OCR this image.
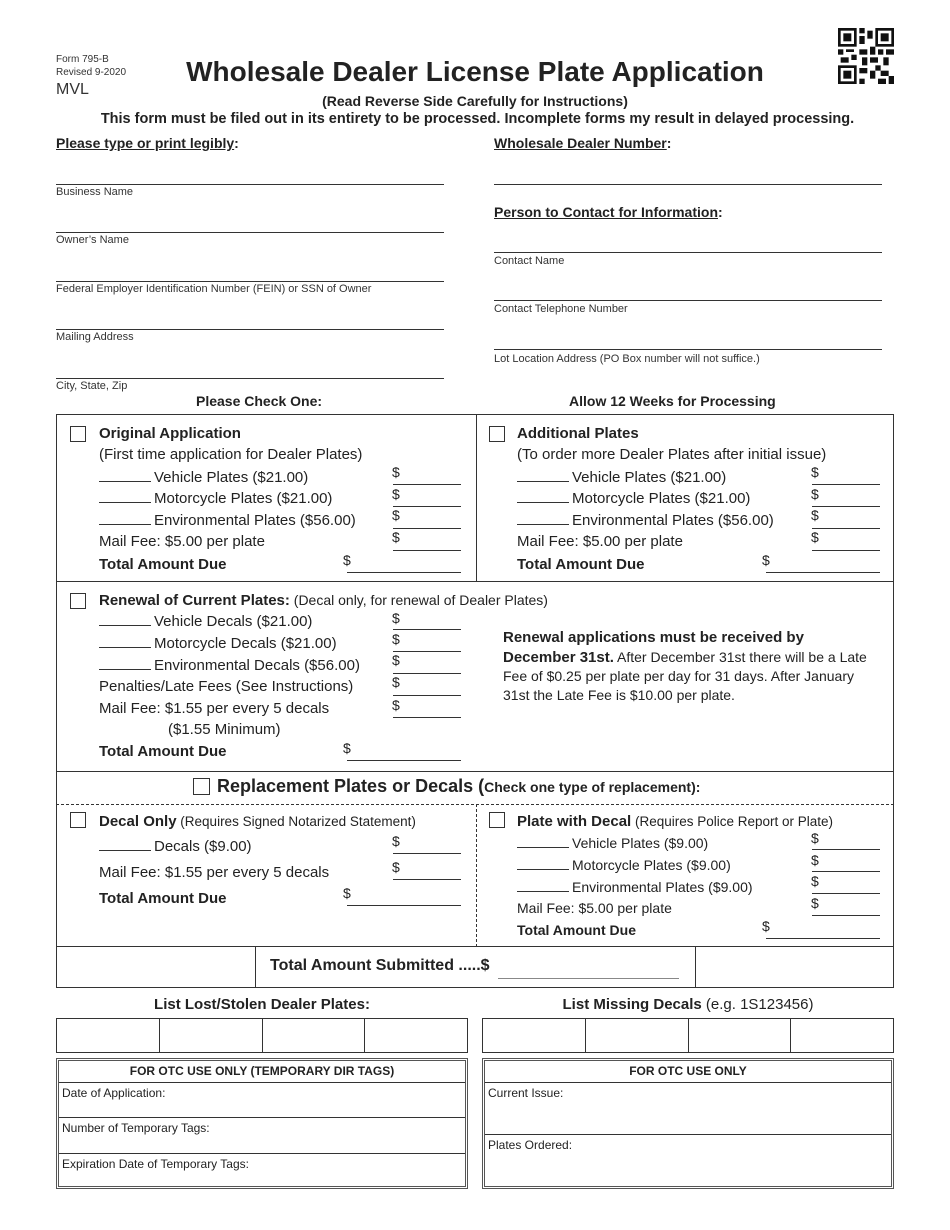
Form 795-B
Revised 9-2020
MVL
Wholesale Dealer License Plate Application
(Read Reverse Side Carefully for Instructions)
This form must be filed out in its entirety to be processed. Incomplete forms my result in delayed processing.
Please type or print legibly:
Business Name
Owner’s Name
Federal Employer Identification Number (FEIN) or SSN of Owner
Mailing Address
City, State, Zip
Wholesale Dealer Number:
Person to Contact for Information:
Contact Name
Contact Telephone Number
Lot Location Address (PO Box number will not suffice.)
Please Check One:	Allow 12 Weeks for Processing
Original Application
(First time application for Dealer Plates)
Vehicle Plates ($21.00)
Motorcycle Plates ($21.00)
Environmental Plates ($56.00)
Mail Fee: $5.00 per plate
Total Amount Due
$
$
$
$
$
Additional Plates
(To order more Dealer Plates after initial issue)
Vehicle Plates ($21.00)
Motorcycle Plates ($21.00)
Environmental Plates ($56.00)
Mail Fee: $5.00 per plate
Total Amount Due
$
$
$
$
$
Renewal of Current Plates: (Decal only, for renewal of Dealer Plates)
Vehicle Decals ($21.00)
Motorcycle Decals ($21.00)
Environmental Decals ($56.00)
Penalties/Late Fees (See Instructions)
Mail Fee: $1.55 per every 5 decals
($1.55 Minimum)
Total Amount Due
$
$
$
$
$
$
Renewal applications must be received by December 31st. After December 31st there will be a Late Fee of $0.25 per plate per day for 31 days. After January 31st the Late Fee is $10.00 per plate.
Replacement Plates or Decals (Check one type of replacement):
Decal Only (Requires Signed Notarized Statement)
Decals ($9.00)
Mail Fee: $1.55 per every 5 decals
Total Amount Due
$
$
$
Plate with Decal (Requires Police Report or Plate)
Vehicle Plates ($9.00)
Motorcycle Plates ($9.00)
Environmental Plates ($9.00)
Mail Fee: $5.00 per plate
Total Amount Due
$
$
$
$
$
Total Amount Submitted .....$
List Lost/Stolen Dealer Plates:	List Missing Decals (e.g. 1S123456)
FOR OTC USE ONLY (TEMPORARY DIR TAGS)
Date of Application:
Number of Temporary Tags:
Expiration Date of Temporary Tags:
FOR OTC USE ONLY
Current Issue:
Plates Ordered:
